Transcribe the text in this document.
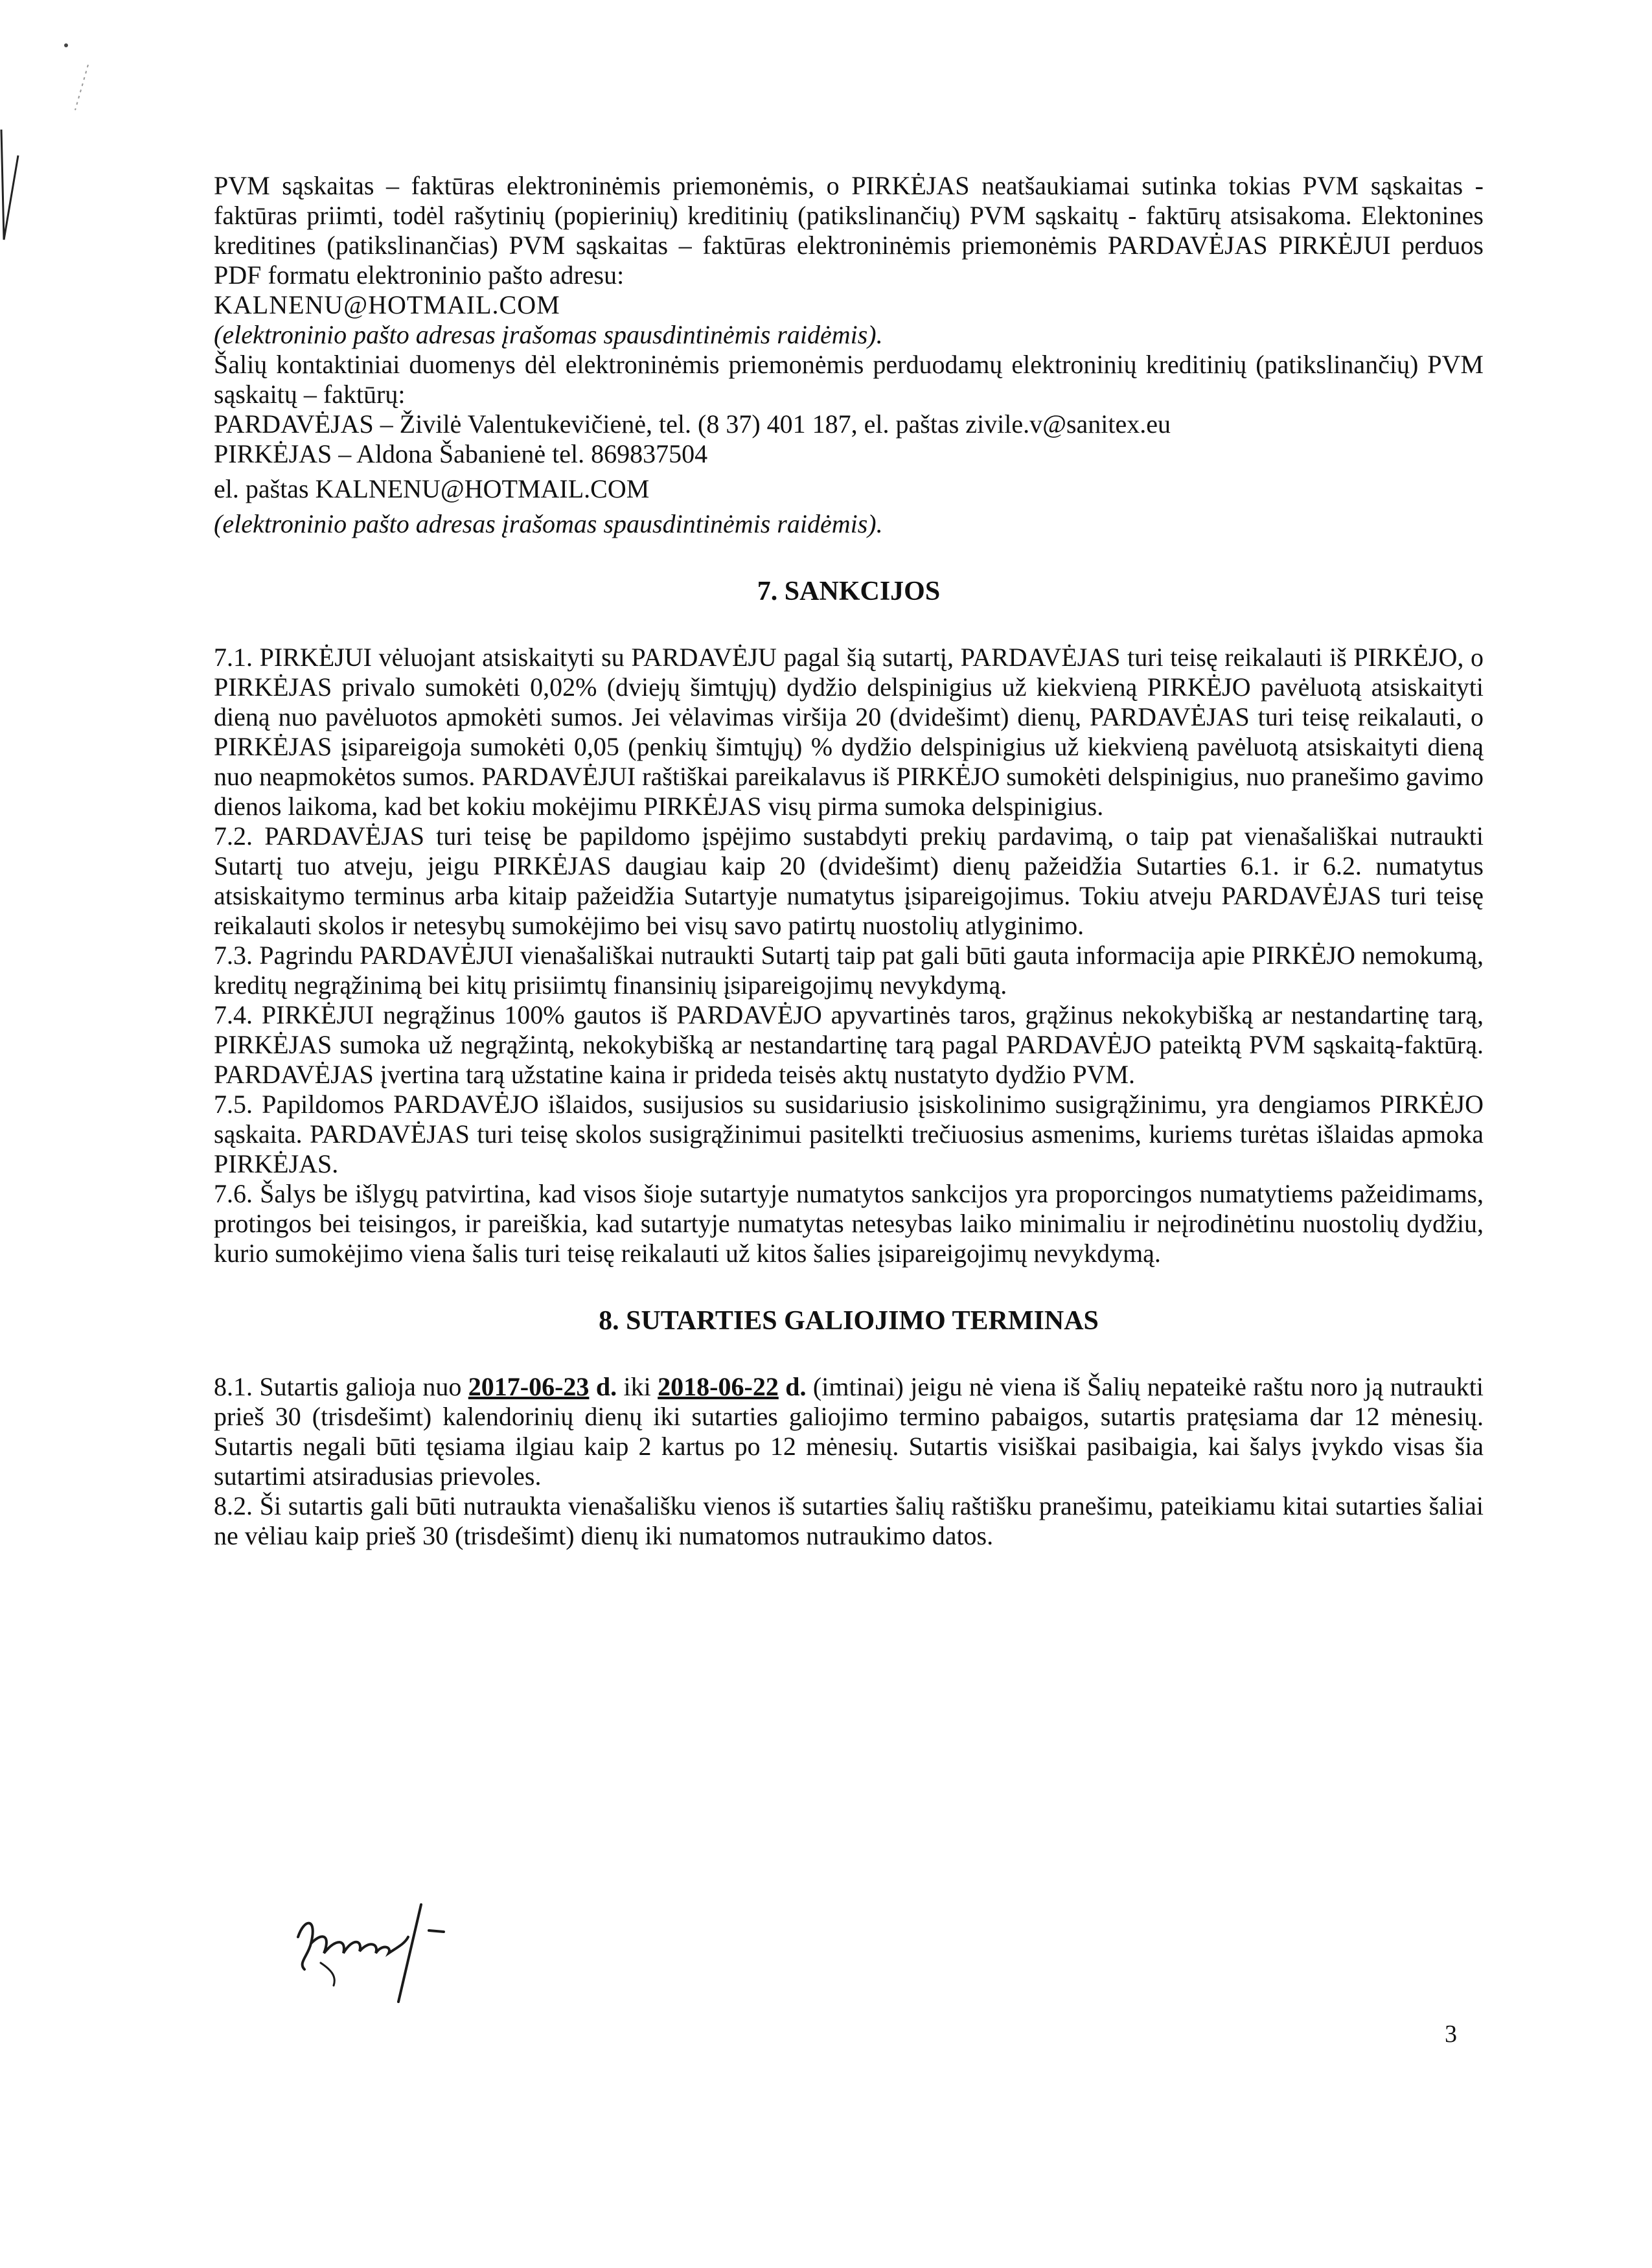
PVM sąskaitas – faktūras elektroninėmis priemonėmis, o PIRKĖJAS neatšaukiamai sutinka tokias PVM sąskaitas - faktūras priimti, todėl rašytinių (popierinių) kreditinių (patikslinančių) PVM sąskaitų - faktūrų atsisakoma. Elektonines kreditines (patikslinančias) PVM sąskaitas – faktūras elektroninėmis priemonėmis PARDAVĖJAS PIRKĖJUI perduos PDF formatu elektroninio pašto adresu:

KALNENU@HOTMAIL.COM

(elektroninio pašto adresas įrašomas spausdintinėmis raidėmis).

Šalių kontaktiniai duomenys dėl elektroninėmis priemonėmis perduodamų elektroninių kreditinių (patikslinančių) PVM sąskaitų – faktūrų:

PARDAVĖJAS – Živilė Valentukevičienė, tel. (8 37) 401 187, el. paštas zivile.v@sanitex.eu

PIRKĖJAS – Aldona Šabanienė tel. 869837504

el. paštas KALNENU@HOTMAIL.COM

(elektroninio pašto adresas įrašomas spausdintinėmis raidėmis).

7. SANKCIJOS

7.1. PIRKĖJUI vėluojant atsiskaityti su PARDAVĖJU pagal šią sutartį, PARDAVĖJAS turi teisę reikalauti iš PIRKĖJO, o PIRKĖJAS privalo sumokėti 0,02% (dviejų šimtųjų) dydžio delspinigius už kiekvieną PIRKĖJO pavėluotą atsiskaityti dieną nuo pavėluotos apmokėti sumos. Jei vėlavimas viršija 20 (dvidešimt) dienų, PARDAVĖJAS turi teisę reikalauti, o PIRKĖJAS įsipareigoja sumokėti 0,05 (penkių šimtųjų) % dydžio delspinigius už kiekvieną pavėluotą atsiskaityti dieną nuo neapmokėtos sumos. PARDAVĖJUI raštiškai pareikalavus iš PIRKĖJO sumokėti delspinigius, nuo pranešimo gavimo dienos laikoma, kad bet kokiu mokėjimu PIRKĖJAS visų pirma sumoka delspinigius.

7.2. PARDAVĖJAS turi teisę be papildomo įspėjimo sustabdyti prekių pardavimą, o taip pat vienašališkai nutraukti Sutartį tuo atveju, jeigu PIRKĖJAS daugiau kaip 20 (dvidešimt) dienų pažeidžia Sutarties 6.1. ir 6.2. numatytus atsiskaitymo terminus arba kitaip pažeidžia Sutartyje numatytus įsipareigojimus. Tokiu atveju PARDAVĖJAS turi teisę reikalauti skolos ir netesybų sumokėjimo bei visų savo patirtų nuostolių atlyginimo.

7.3. Pagrindu PARDAVĖJUI vienašališkai nutraukti Sutartį taip pat gali būti gauta informacija apie PIRKĖJO nemokumą, kreditų negrąžinimą bei kitų prisiimtų finansinių įsipareigojimų nevykdymą.

7.4. PIRKĖJUI negrąžinus 100% gautos iš PARDAVĖJO apyvartinės taros, grąžinus nekokybišką ar nestandartinę tarą, PIRKĖJAS sumoka už negrąžintą, nekokybišką ar nestandartinę tarą pagal PARDAVĖJO pateiktą PVM sąskaitą-faktūrą. PARDAVĖJAS įvertina tarą užstatine kaina ir prideda teisės aktų nustatyto dydžio PVM.

7.5. Papildomos PARDAVĖJO išlaidos, susijusios su susidariusio įsiskolinimo susigrąžinimu, yra dengiamos PIRKĖJO sąskaita. PARDAVĖJAS turi teisę skolos susigrąžinimui pasitelkti trečiuosius asmenims, kuriems turėtas išlaidas apmoka PIRKĖJAS.

7.6. Šalys be išlygų patvirtina, kad visos šioje sutartyje numatytos sankcijos yra proporcingos numatytiems pažeidimams, protingos bei teisingos, ir pareiškia, kad sutartyje numatytas netesybas laiko minimaliu ir neįrodinėtinu nuostolių dydžiu, kurio sumokėjimo viena šalis turi teisę reikalauti už kitos šalies įsipareigojimų nevykdymą.

8. SUTARTIES GALIOJIMO TERMINAS

8.1. Sutartis galioja nuo 2017-06-23 d. iki 2018-06-22 d. (imtinai) jeigu nė viena iš Šalių nepateikė raštu noro ją nutraukti prieš 30 (trisdešimt) kalendorinių dienų iki sutarties galiojimo termino pabaigos, sutartis pratęsiama dar 12 mėnesių. Sutartis negali būti tęsiama ilgiau kaip 2 kartus po 12 mėnesių. Sutartis visiškai pasibaigia, kai šalys įvykdo visas šia sutartimi atsiradusias prievoles.

8.2. Ši sutartis gali būti nutraukta vienašališku vienos iš sutarties šalių raštišku pranešimu, pateikiamu kitai sutarties šaliai ne vėliau kaip prieš 30 (trisdešimt) dienų iki numatomos nutraukimo datos.

3
